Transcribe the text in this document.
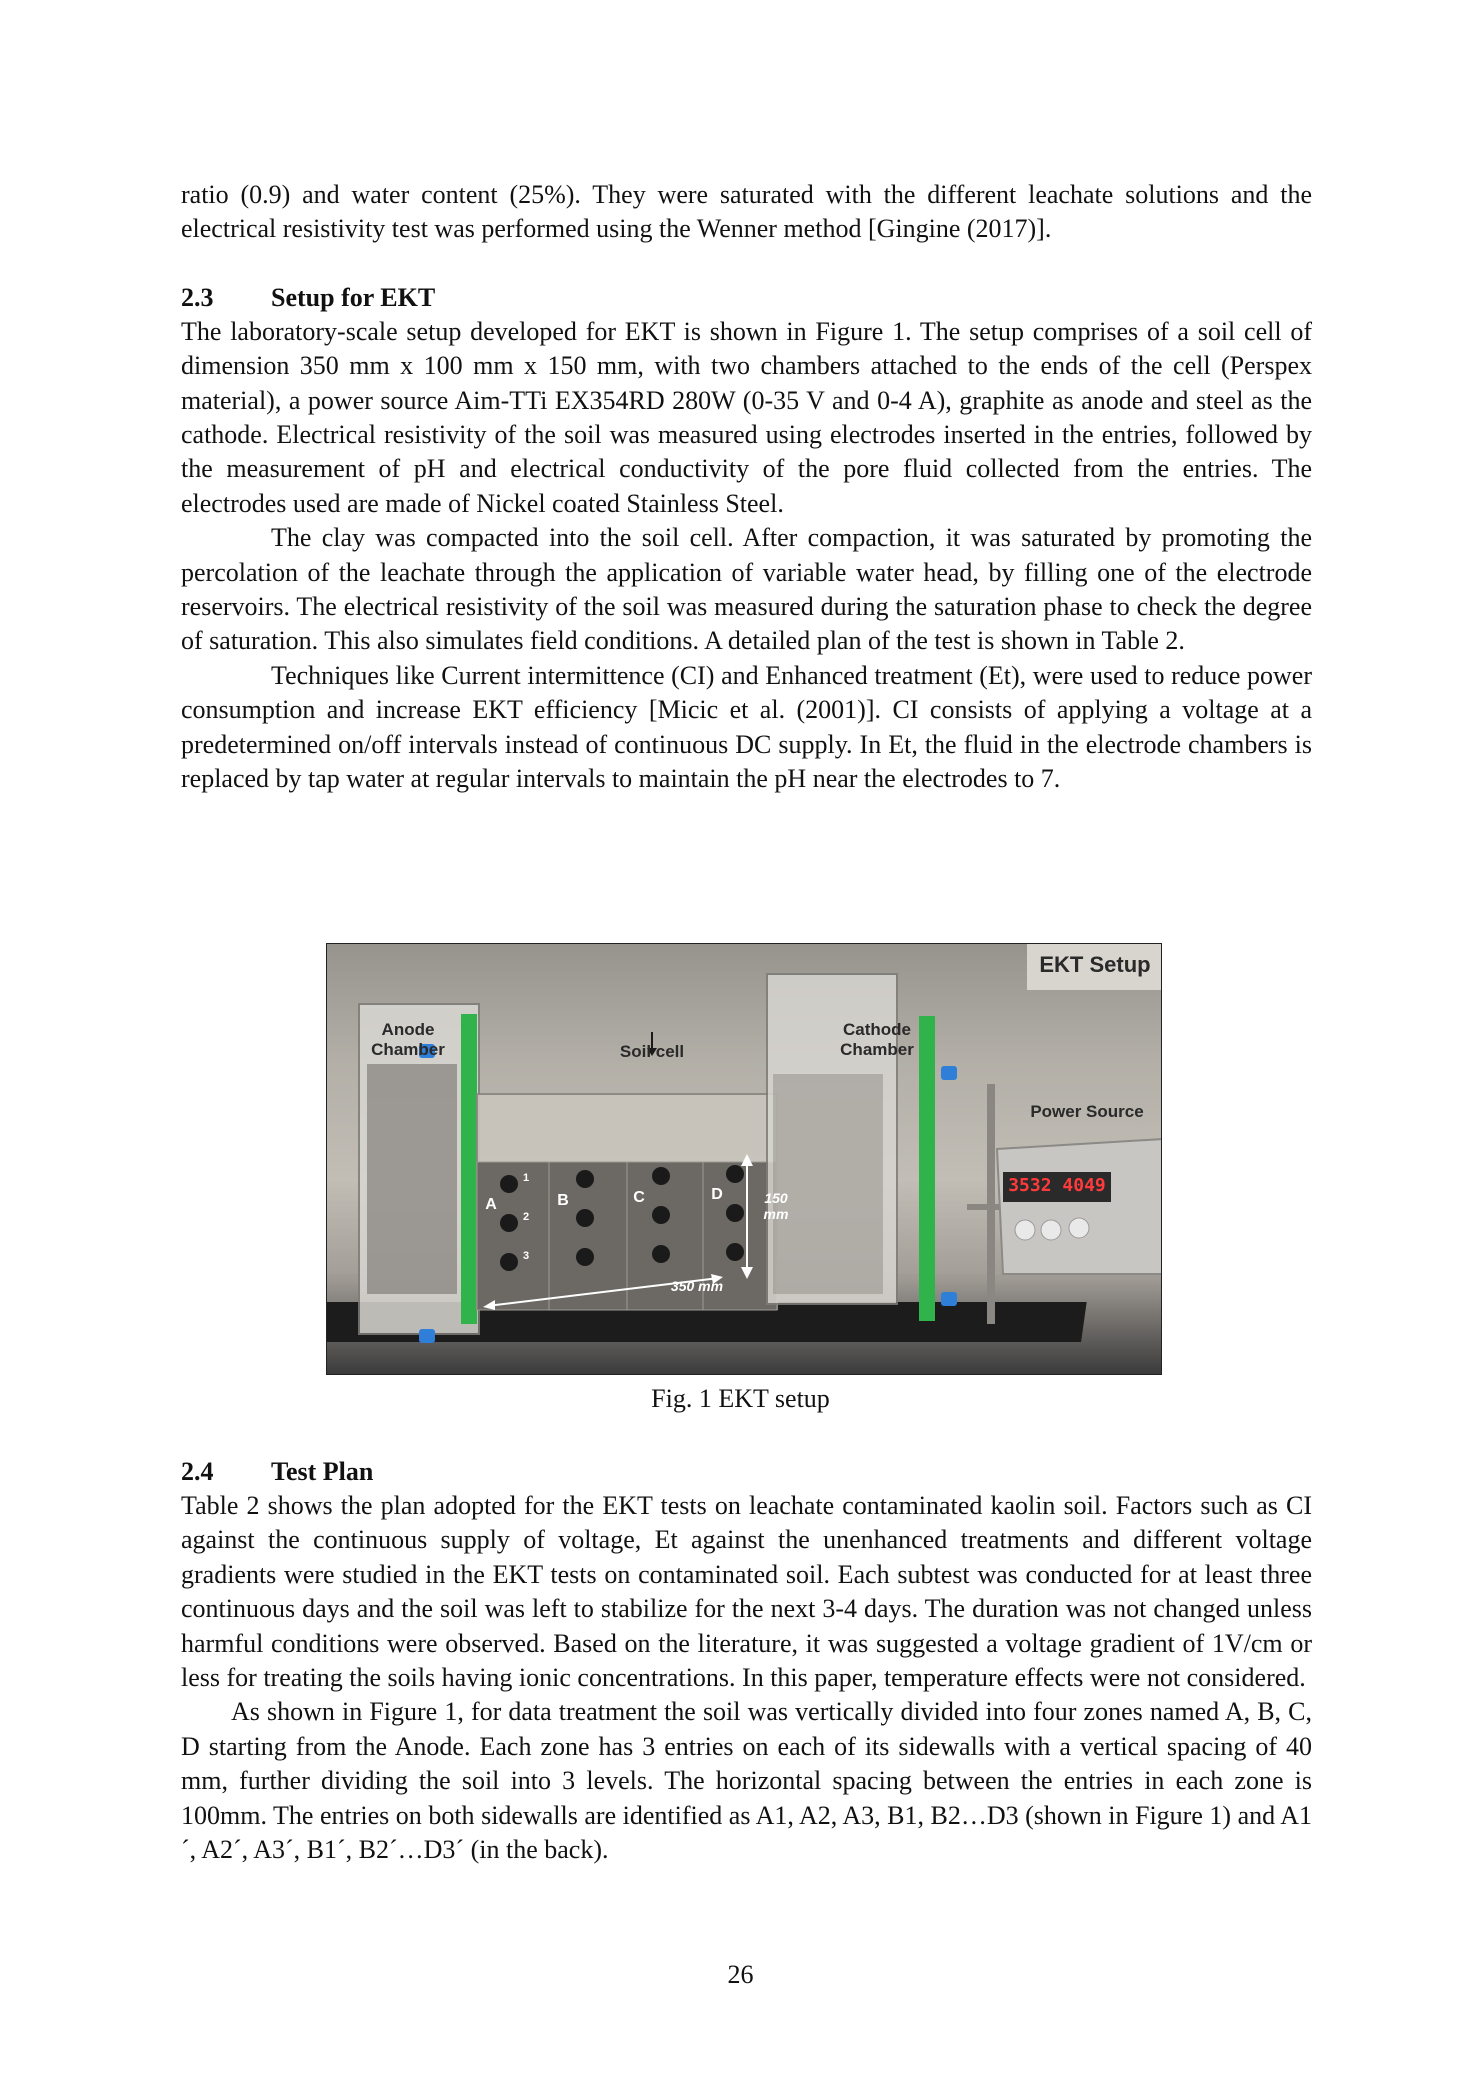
ratio (0.9) and water content (25%). They were saturated with the different leachate solutions and the electrical resistivity test was performed using the Wenner method [Gingine (2017)].

2.3 Setup for EKT

The laboratory-scale setup developed for EKT is shown in Figure 1. The setup comprises of a soil cell of dimension 350 mm x 100 mm x 150 mm, with two chambers attached to the ends of the cell (Perspex material), a power source Aim-TTi EX354RD 280W (0-35 V and 0-4 A), graphite as anode and steel as the cathode. Electrical resistivity of the soil was measured using electrodes inserted in the entries, followed by the measurement of pH and electrical conductivity of the pore fluid collected from the entries. The electrodes used are made of Nickel coated Stainless Steel.

The clay was compacted into the soil cell. After compaction, it was saturated by promoting the percolation of the leachate through the application of variable water head, by filling one of the electrode reservoirs. The electrical resistivity of the soil was measured during the saturation phase to check the degree of saturation. This also simulates field conditions. A detailed plan of the test is shown in Table 2.

Techniques like Current intermittence (CI) and Enhanced treatment (Et), were used to reduce power consumption and increase EKT efficiency [Micic et al. (2001)]. CI consists of applying a voltage at a predetermined on/off intervals instead of continuous DC supply. In Et, the fluid in the electrode chambers is replaced by tap water at regular intervals to maintain the pH near the electrodes to 7.

EKT Setup
Anode Chamber	Soil cell
Cathode Chamber
Power Source
3532 4049
150 mm
350 mm
A	B	C	D
1
2
3
Fig. 1 EKT setup
2.4 Test Plan

Table 2 shows the plan adopted for the EKT tests on leachate contaminated kaolin soil. Factors such as CI against the continuous supply of voltage, Et against the unenhanced treatments and different voltage gradients were studied in the EKT tests on contaminated soil. Each subtest was conducted for at least three continuous days and the soil was left to stabilize for the next 3-4 days. The duration was not changed unless harmful conditions were observed. Based on the literature, it was suggested a voltage gradient of 1V/cm or less for treating the soils having ionic concentrations. In this paper, temperature effects were not considered.

As shown in Figure 1, for data treatment the soil was vertically divided into four zones named A, B, C, D starting from the Anode. Each zone has 3 entries on each of its sidewalls with a vertical spacing of 40 mm, further dividing the soil into 3 levels. The horizontal spacing between the entries in each zone is 100mm. The entries on both sidewalls are identified as A1, A2, A3, B1, B2…D3 (shown in Figure 1) and A1´, A2´, A3´, B1´, B2´…D3´ (in the back).

26
